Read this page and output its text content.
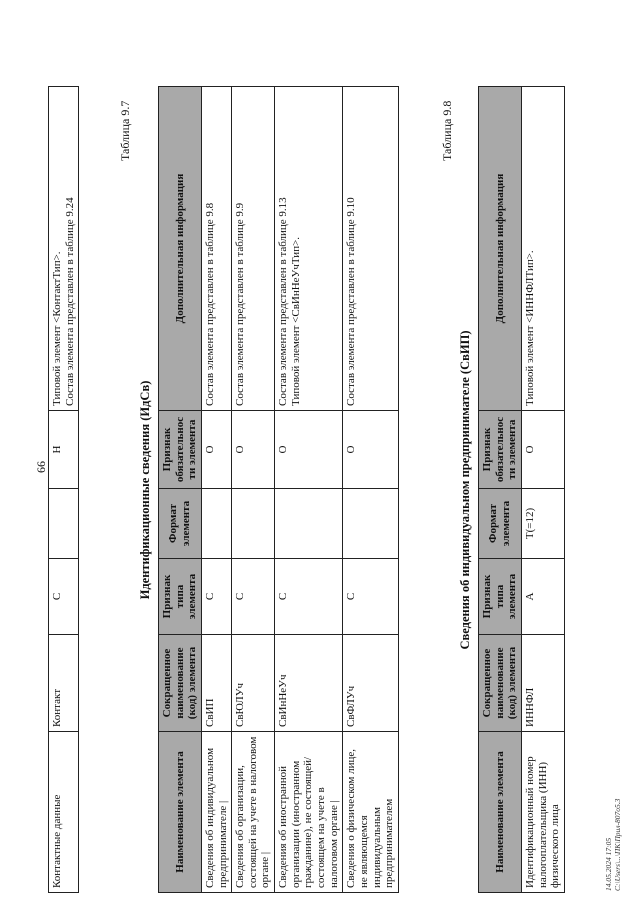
66
Контактные данные	Контакт	С		Н	Типовой элемент <КонтактТип>.
Состав элемента представлен в таблице 9.24
Таблица 9.7
Идентификационные сведения (ИдСв)
Наименование элемента	Сокращенное наименование (код) элемента	Признак типа элемента	Формат элемента	Признак обязательности элемента	Дополнительная информация
Сведения об индивидуальном предпринимателе |	СвИП	С		О	Состав элемента представлен в таблице 9.8
Сведения об организации, состоящей на учете в налоговом органе |	СвЮЛУч	С		О	Состав элемента представлен в таблице 9.9
Сведения об иностранной организации (иностранном гражданине), не состоящей/состоящем на учете в налоговом органе |	СвИнНеУч	С		О	Состав элемента представлен в таблице 9.13
Типовой элемент <СвИнНеУчТип>.
Сведения о физическом лице, не являющемся индивидуальным предпринимателем	СвФЛУч	С		О	Состав элемента представлен в таблице 9.10
Таблица 9.8
Сведения об индивидуальном предпринимателе (СвИП)
Наименование элемента	Сокращенное наименование (код) элемента	Признак типа элемента	Формат элемента	Признак обязательности элемента	Дополнительная информация
Идентификационный номер налогоплательщика (ИНН) физического лица	ИННФЛ	А	Т(=12)	О	Типовой элемент <ИННФЛТип>.
14.05.2024 17:05 С:\Users\...\ПК\Прил-807о5.3
